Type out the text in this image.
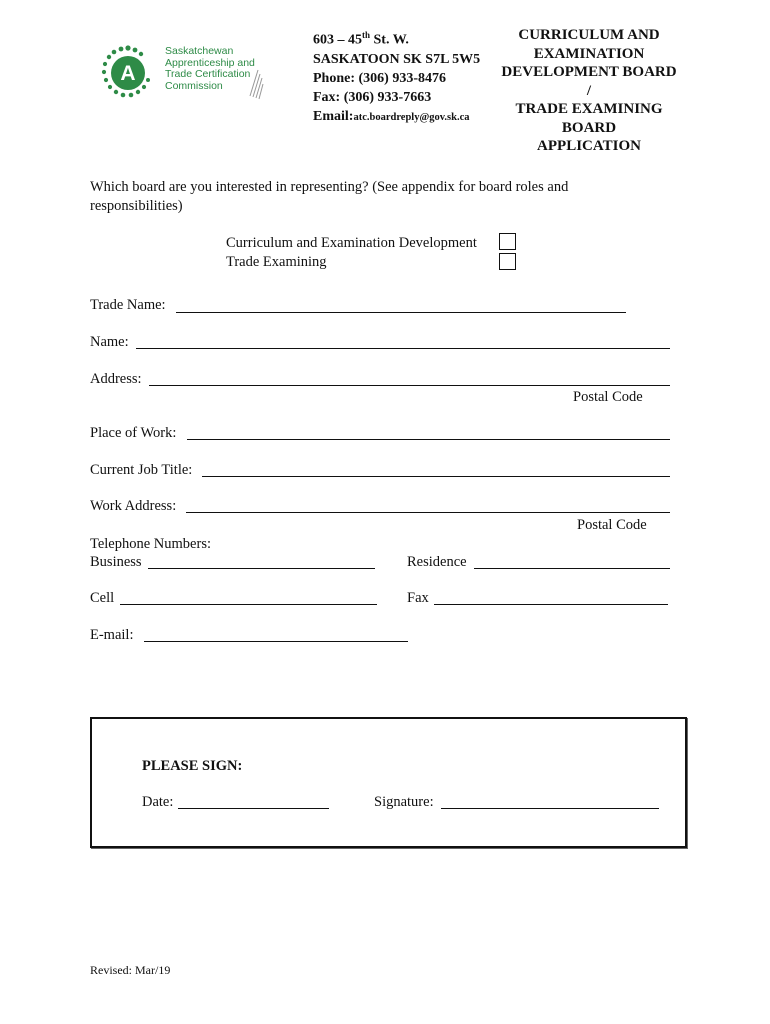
A
Saskatchewan
Apprenticeship and
Trade Certification
Commission
603 – 45th St. W.
SASKATOON SK S7L 5W5
Phone: (306) 933-8476
Fax: (306) 933-7663
Email:atc.boardreply@gov.sk.ca
CURRICULUM AND
EXAMINATION
DEVELOPMENT BOARD
/
TRADE EXAMINING
BOARD
APPLICATION
Which board are you interested in representing? (See appendix for board roles and
responsibilities)
Curriculum and Examination Development
Trade Examining
Trade Name:
Name:
Address:
Postal Code
Place of Work:
Current Job Title:
Work Address:
Postal Code
Telephone Numbers:
Business	Residence
Cell	Fax
E-mail:
PLEASE SIGN:
Date:	Signature:
Revised: Mar/19
